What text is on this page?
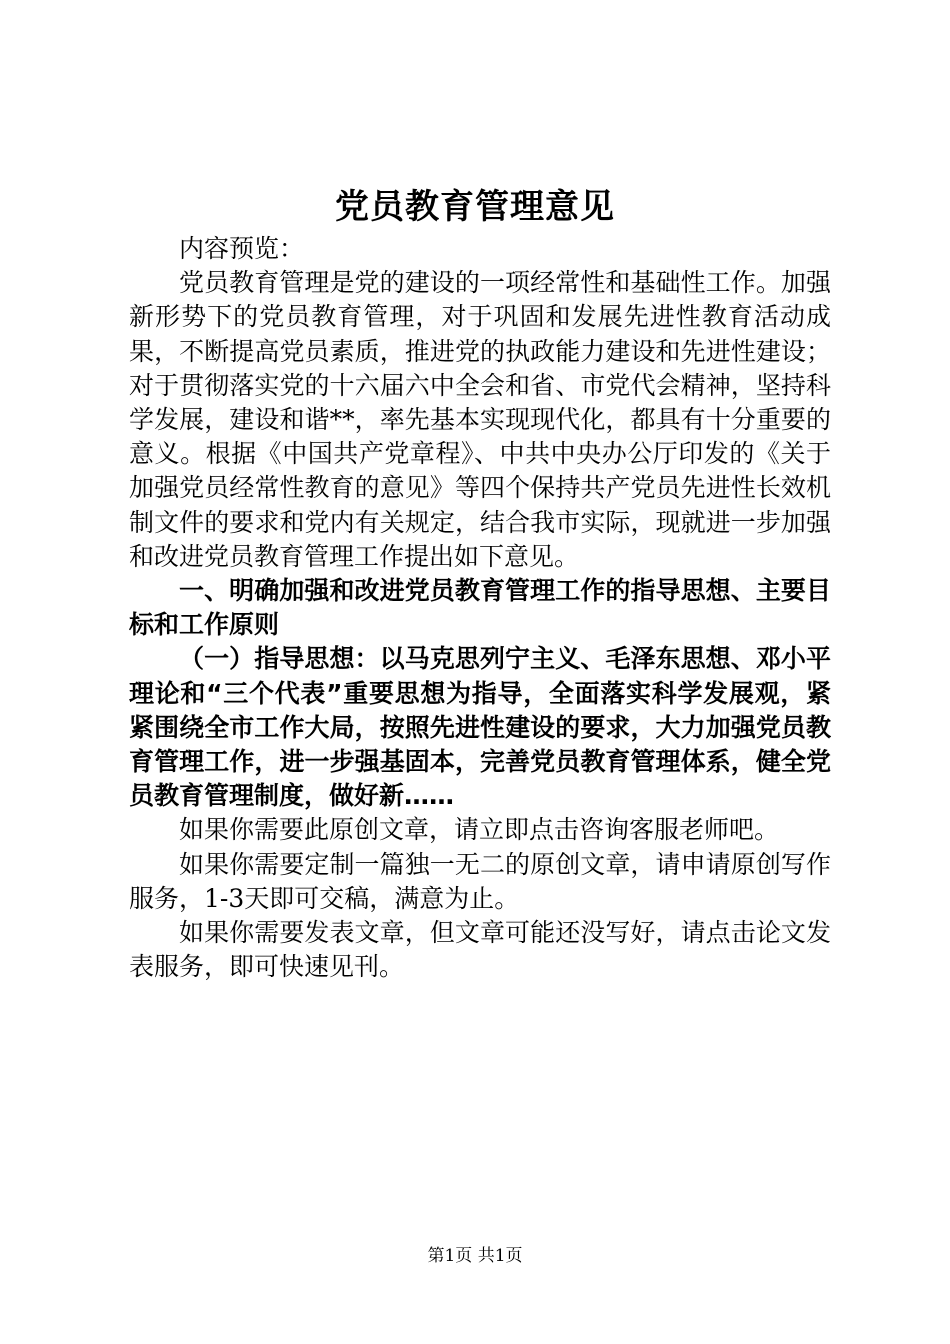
党员教育管理意见

内容预览：

党员教育管理是党的建设的一项经常性和基础性工作。加强新形势下的党员教育管理，对于巩固和发展先进性教育活动成果，不断提高党员素质，推进党的执政能力建设和先进性建设；对于贯彻落实党的十六届六中全会和省、市党代会精神，坚持科学发展，建设和谐**，率先基本实现现代化，都具有十分重要的意义。根据《中国共产党章程》、中共中央办公厅印发的《关于加强党员经常性教育的意见》等四个保持共产党员先进性长效机制文件的要求和党内有关规定，结合我市实际，现就进一步加强和改进党员教育管理工作提出如下意见。

一、明确加强和改进党员教育管理工作的指导思想、主要目标和工作原则

（一）指导思想：以马克思列宁主义、毛泽东思想、邓小平理论和“三个代表”重要思想为指导，全面落实科学发展观，紧紧围绕全市工作大局，按照先进性建设的要求，大力加强党员教育管理工作，进一步强基固本，完善党员教育管理体系，健全党员教育管理制度，做好新……

如果你需要此原创文章，请立即点击咨询客服老师吧。

如果你需要定制一篇独一无二的原创文章，请申请原创写作服务，1-3天即可交稿，满意为止。

如果你需要发表文章，但文章可能还没写好，请点击论文发表服务，即可快速见刊。

第1页 共1页
